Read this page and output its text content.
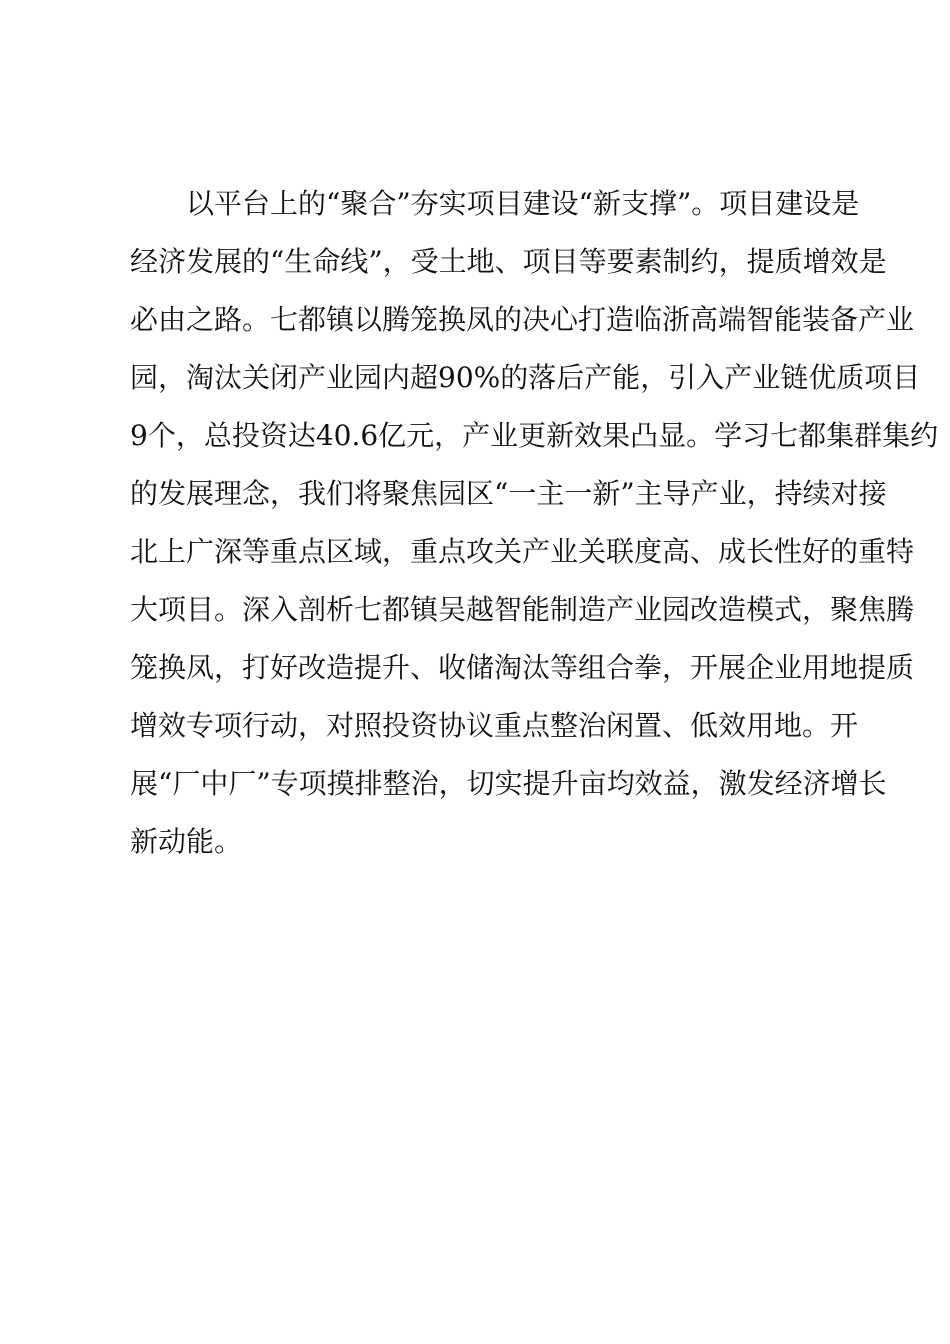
以平台上的“聚合”夯实项目建设“新支撑”。项目建设是
经济发展的“生命线”，受土地、项目等要素制约，提质增效是
必由之路。七都镇以腾笼换凤的决心打造临浙高端智能装备产业
园，淘汰关闭产业园内超90%的落后产能，引入产业链优质项目
9个，总投资达40.6亿元，产业更新效果凸显。学习七都集群集约
的发展理念，我们将聚焦园区“一主一新”主导产业，持续对接
北上广深等重点区域，重点攻关产业关联度高、成长性好的重特
大项目。深入剖析七都镇吴越智能制造产业园改造模式，聚焦腾
笼换凤，打好改造提升、收储淘汰等组合拳，开展企业用地提质
增效专项行动，对照投资协议重点整治闲置、低效用地。开
展“厂中厂”专项摸排整治，切实提升亩均效益，激发经济增长
新动能。
